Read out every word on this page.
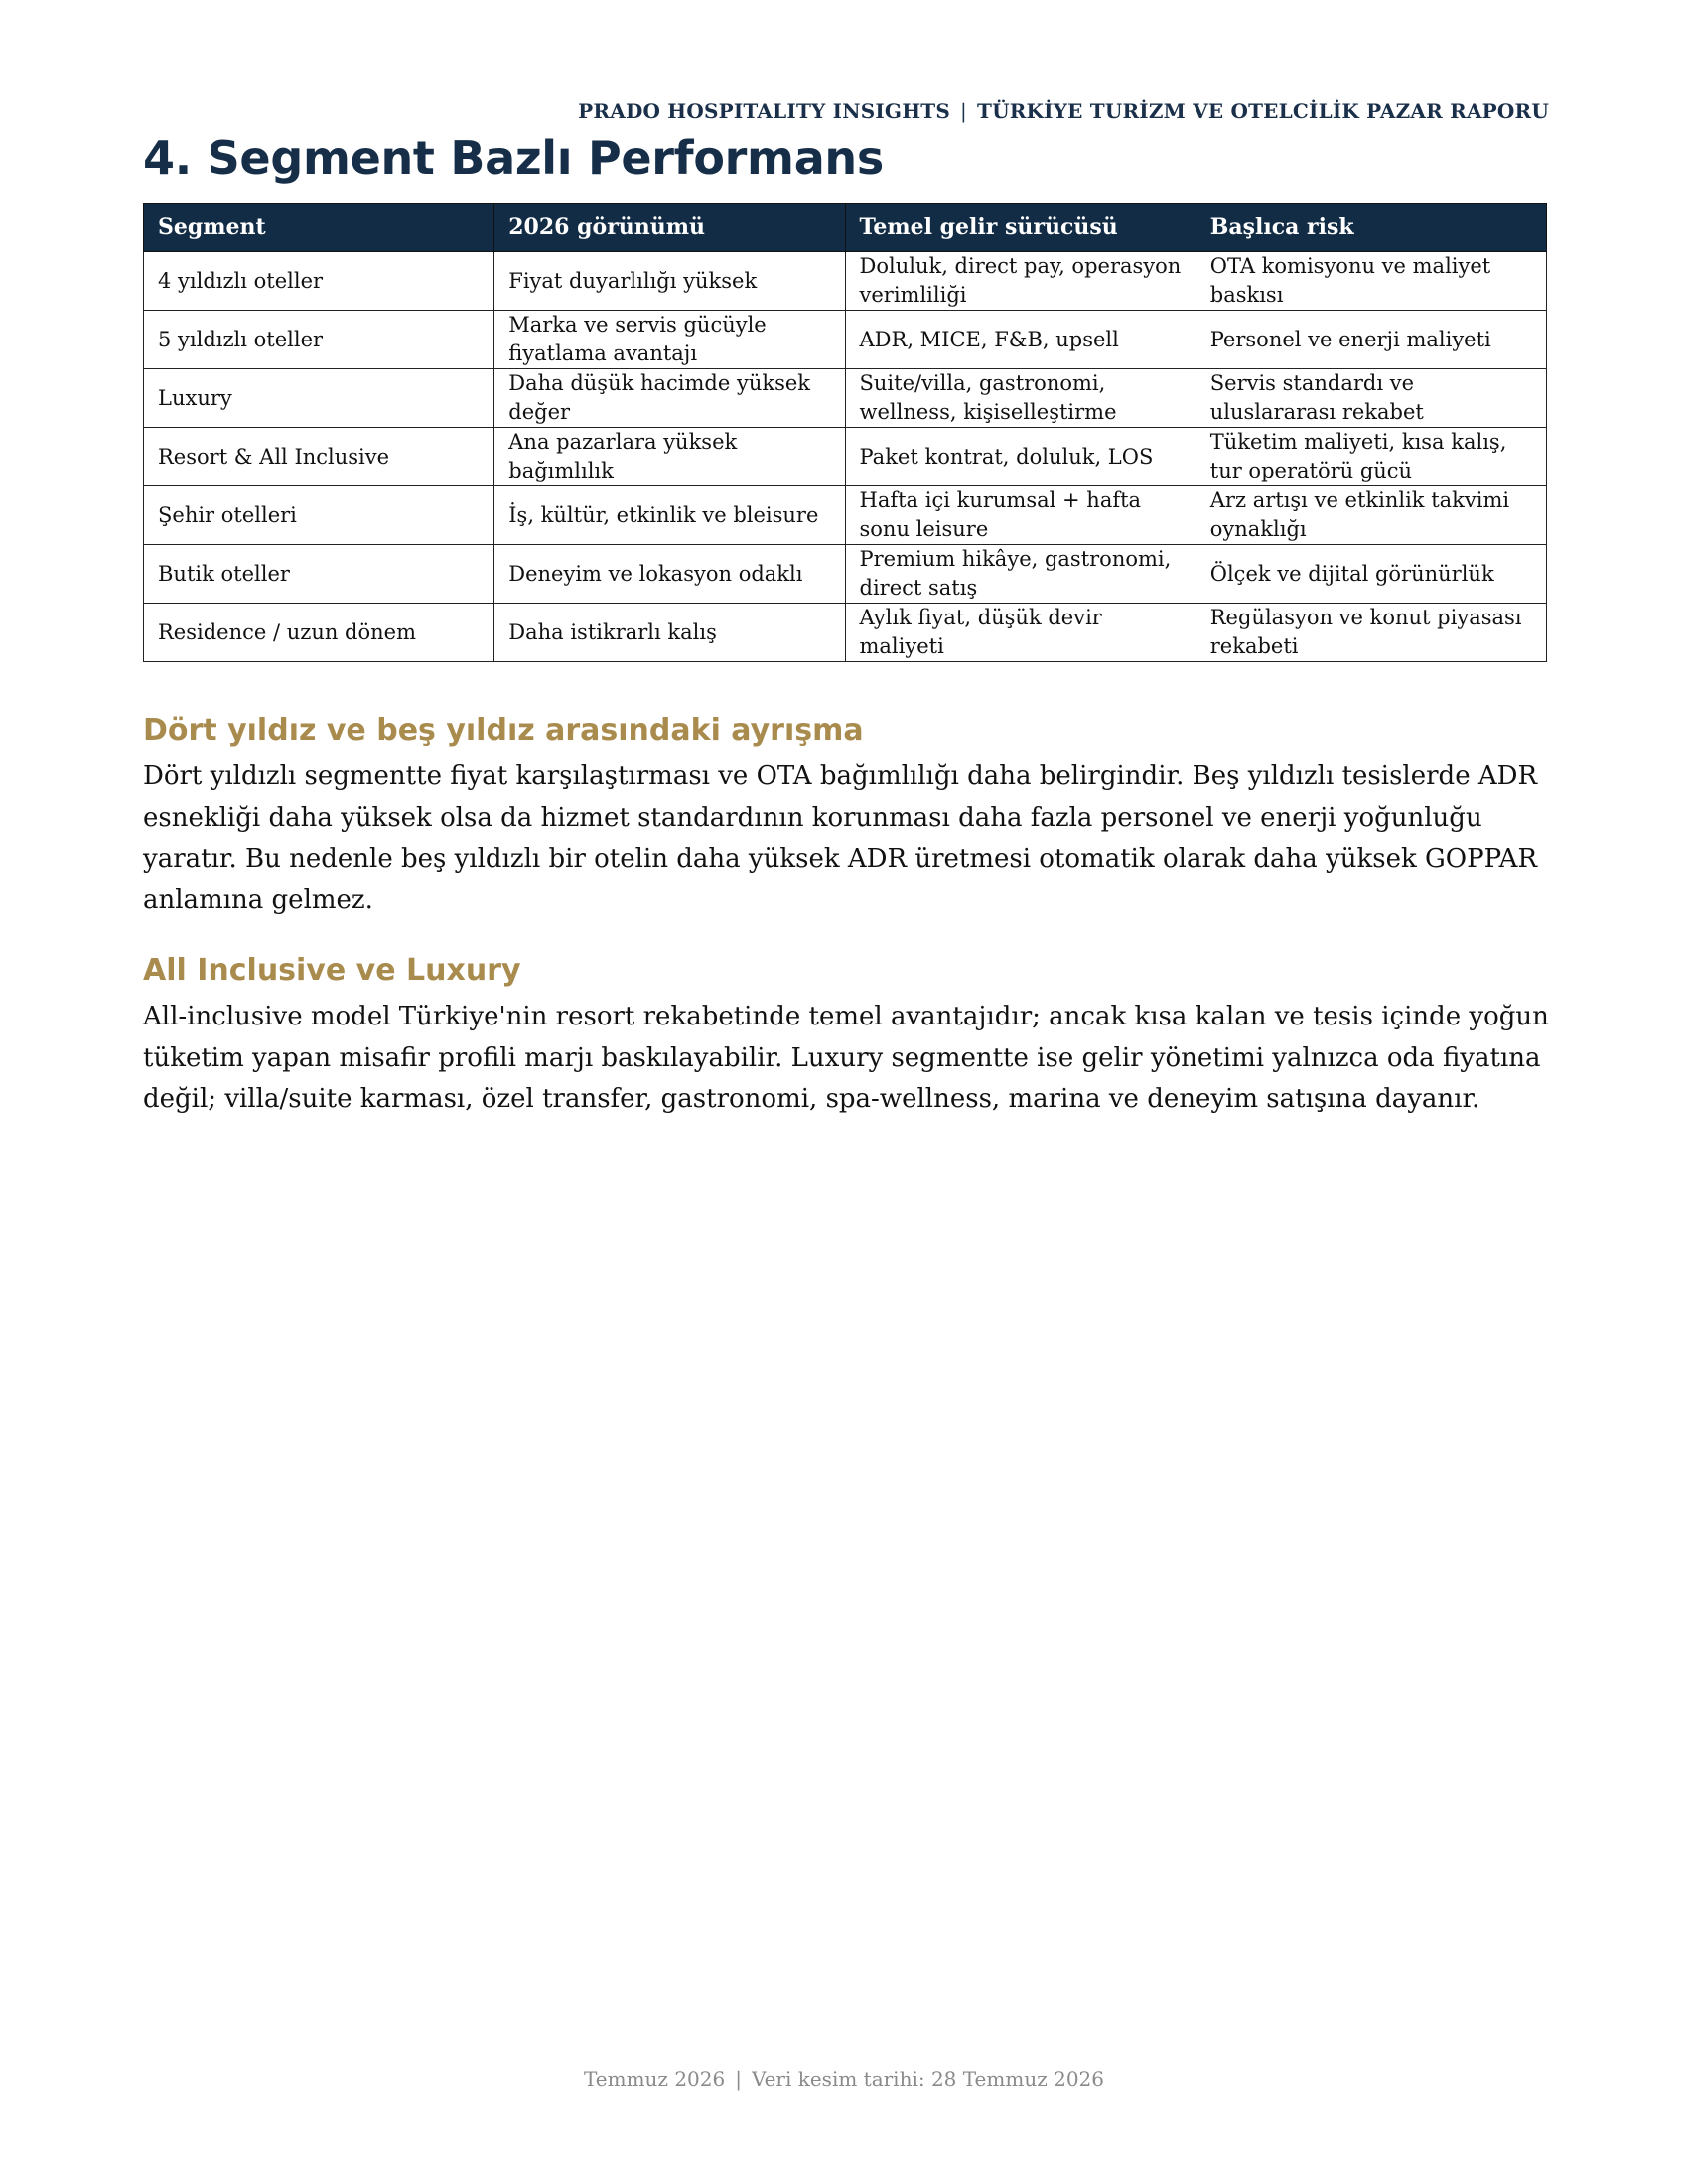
PRADO HOSPITALITY INSIGHTS | TÜRKİYE TURİZM VE OTELCİLİK PAZAR RAPORU
4. Segment Bazlı Performans
Segment	2026 görünümü	Temel gelir sürücüsü	Başlıca risk
4 yıldızlı oteller	Fiyat duyarlılığı yüksek	Doluluk, direct pay, operasyon verimliliği	OTA komisyonu ve maliyet baskısı
5 yıldızlı oteller	Marka ve servis gücüyle fiyatlama avantajı	ADR, MICE, F&B, upsell	Personel ve enerji maliyeti
Luxury	Daha düşük hacimde yüksek değer	Suite/villa, gastronomi, wellness, kişiselleştirme	Servis standardı ve uluslararası rekabet
Resort & All Inclusive	Ana pazarlara yüksek bağımlılık	Paket kontrat, doluluk, LOS	Tüketim maliyeti, kısa kalış, tur operatörü gücü
Şehir otelleri	İş, kültür, etkinlik ve bleisure	Hafta içi kurumsal + hafta sonu leisure	Arz artışı ve etkinlik takvimi oynaklığı
Butik oteller	Deneyim ve lokasyon odaklı	Premium hikâye, gastronomi, direct satış	Ölçek ve dijital görünürlük
Residence / uzun dönem	Daha istikrarlı kalış	Aylık fiyat, düşük devir maliyeti	Regülasyon ve konut piyasası rekabeti
Dört yıldız ve beş yıldız arasındaki ayrışma

Dört yıldızlı segmentte fiyat karşılaştırması ve OTA bağımlılığı daha belirgindir. Beş yıldızlı tesislerde ADR esnekliği daha yüksek olsa da hizmet standardının korunması daha fazla personel ve enerji yoğunluğu yaratır. Bu nedenle beş yıldızlı bir otelin daha yüksek ADR üretmesi otomatik olarak daha yüksek GOPPAR anlamına gelmez.

All Inclusive ve Luxury

All-inclusive model Türkiye'nin resort rekabetinde temel avantajıdır; ancak kısa kalan ve tesis içinde yoğun tüketim yapan misafir profili marjı baskılayabilir. Luxury segmentte ise gelir yönetimi yalnızca oda fiyatına değil; villa/suite karması, özel transfer, gastronomi, spa-wellness, marina ve deneyim satışına dayanır.

Temmuz 2026 | Veri kesim tarihi: 28 Temmuz 2026
